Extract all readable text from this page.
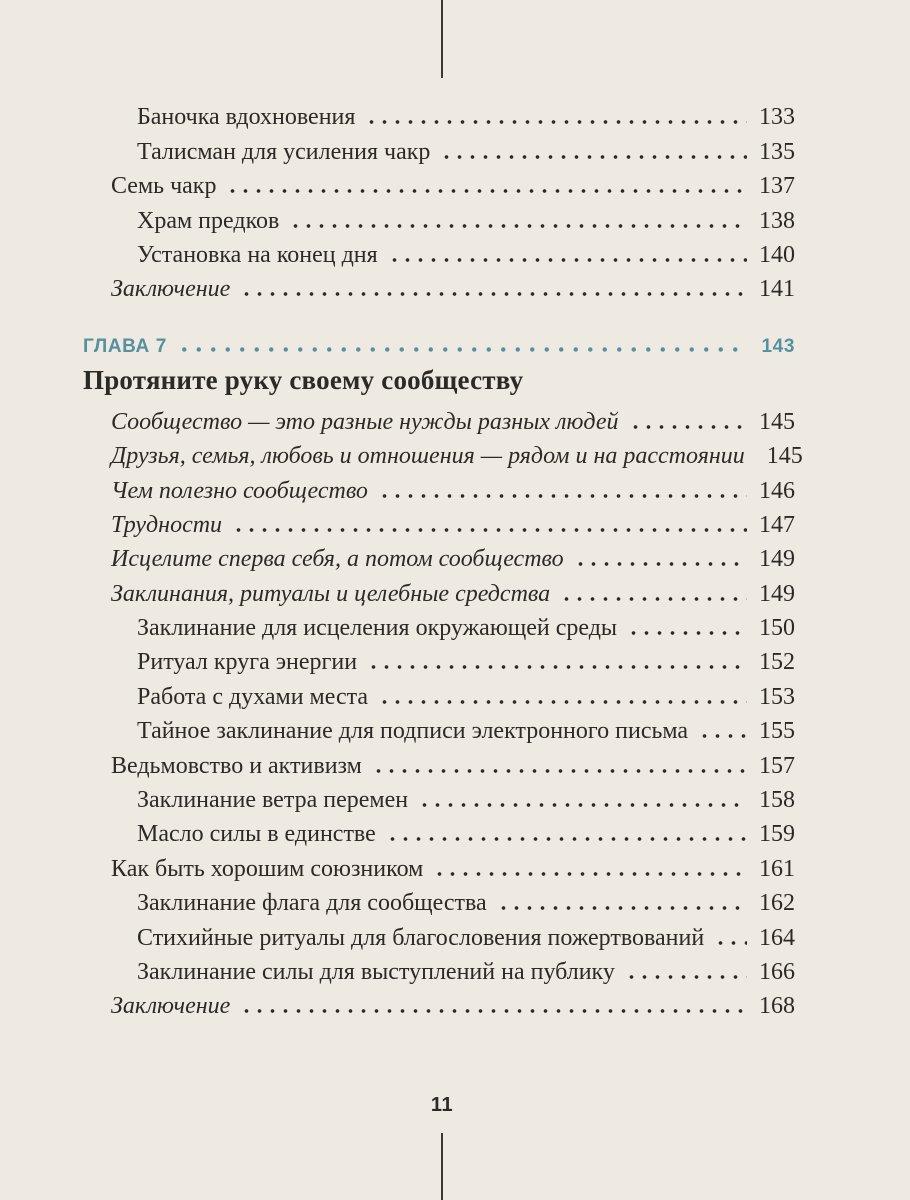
Баночка вдохновения	133
Талисман для усиления чакр	135
Семь чакр	137
Храм предков	138
Установка на конец дня	140
Заключение	141
ГЛАВА 7	143
Протяните руку своему сообществу
Сообщество — это разные нужды разных людей	145
Друзья, семья, любовь и отношения — рядом и на расстоянии 145
Чем полезно сообщество	146
Трудности	147
Исцелите сперва себя, а потом сообщество	149
Заклинания, ритуалы и целебные средства	149
Заклинание для исцеления окружающей среды	150
Ритуал круга энергии	152
Работа с духами места	153
Тайное заклинание для подписи электронного письма	155
Ведьмовство и активизм	157
Заклинание ветра перемен	158
Масло силы в единстве	159
Как быть хорошим союзником	161
Заклинание флага для сообщества	162
Стихийные ритуалы для благословения пожертвований 164
Заклинание силы для выступлений на публику	166
Заключение	168
11
